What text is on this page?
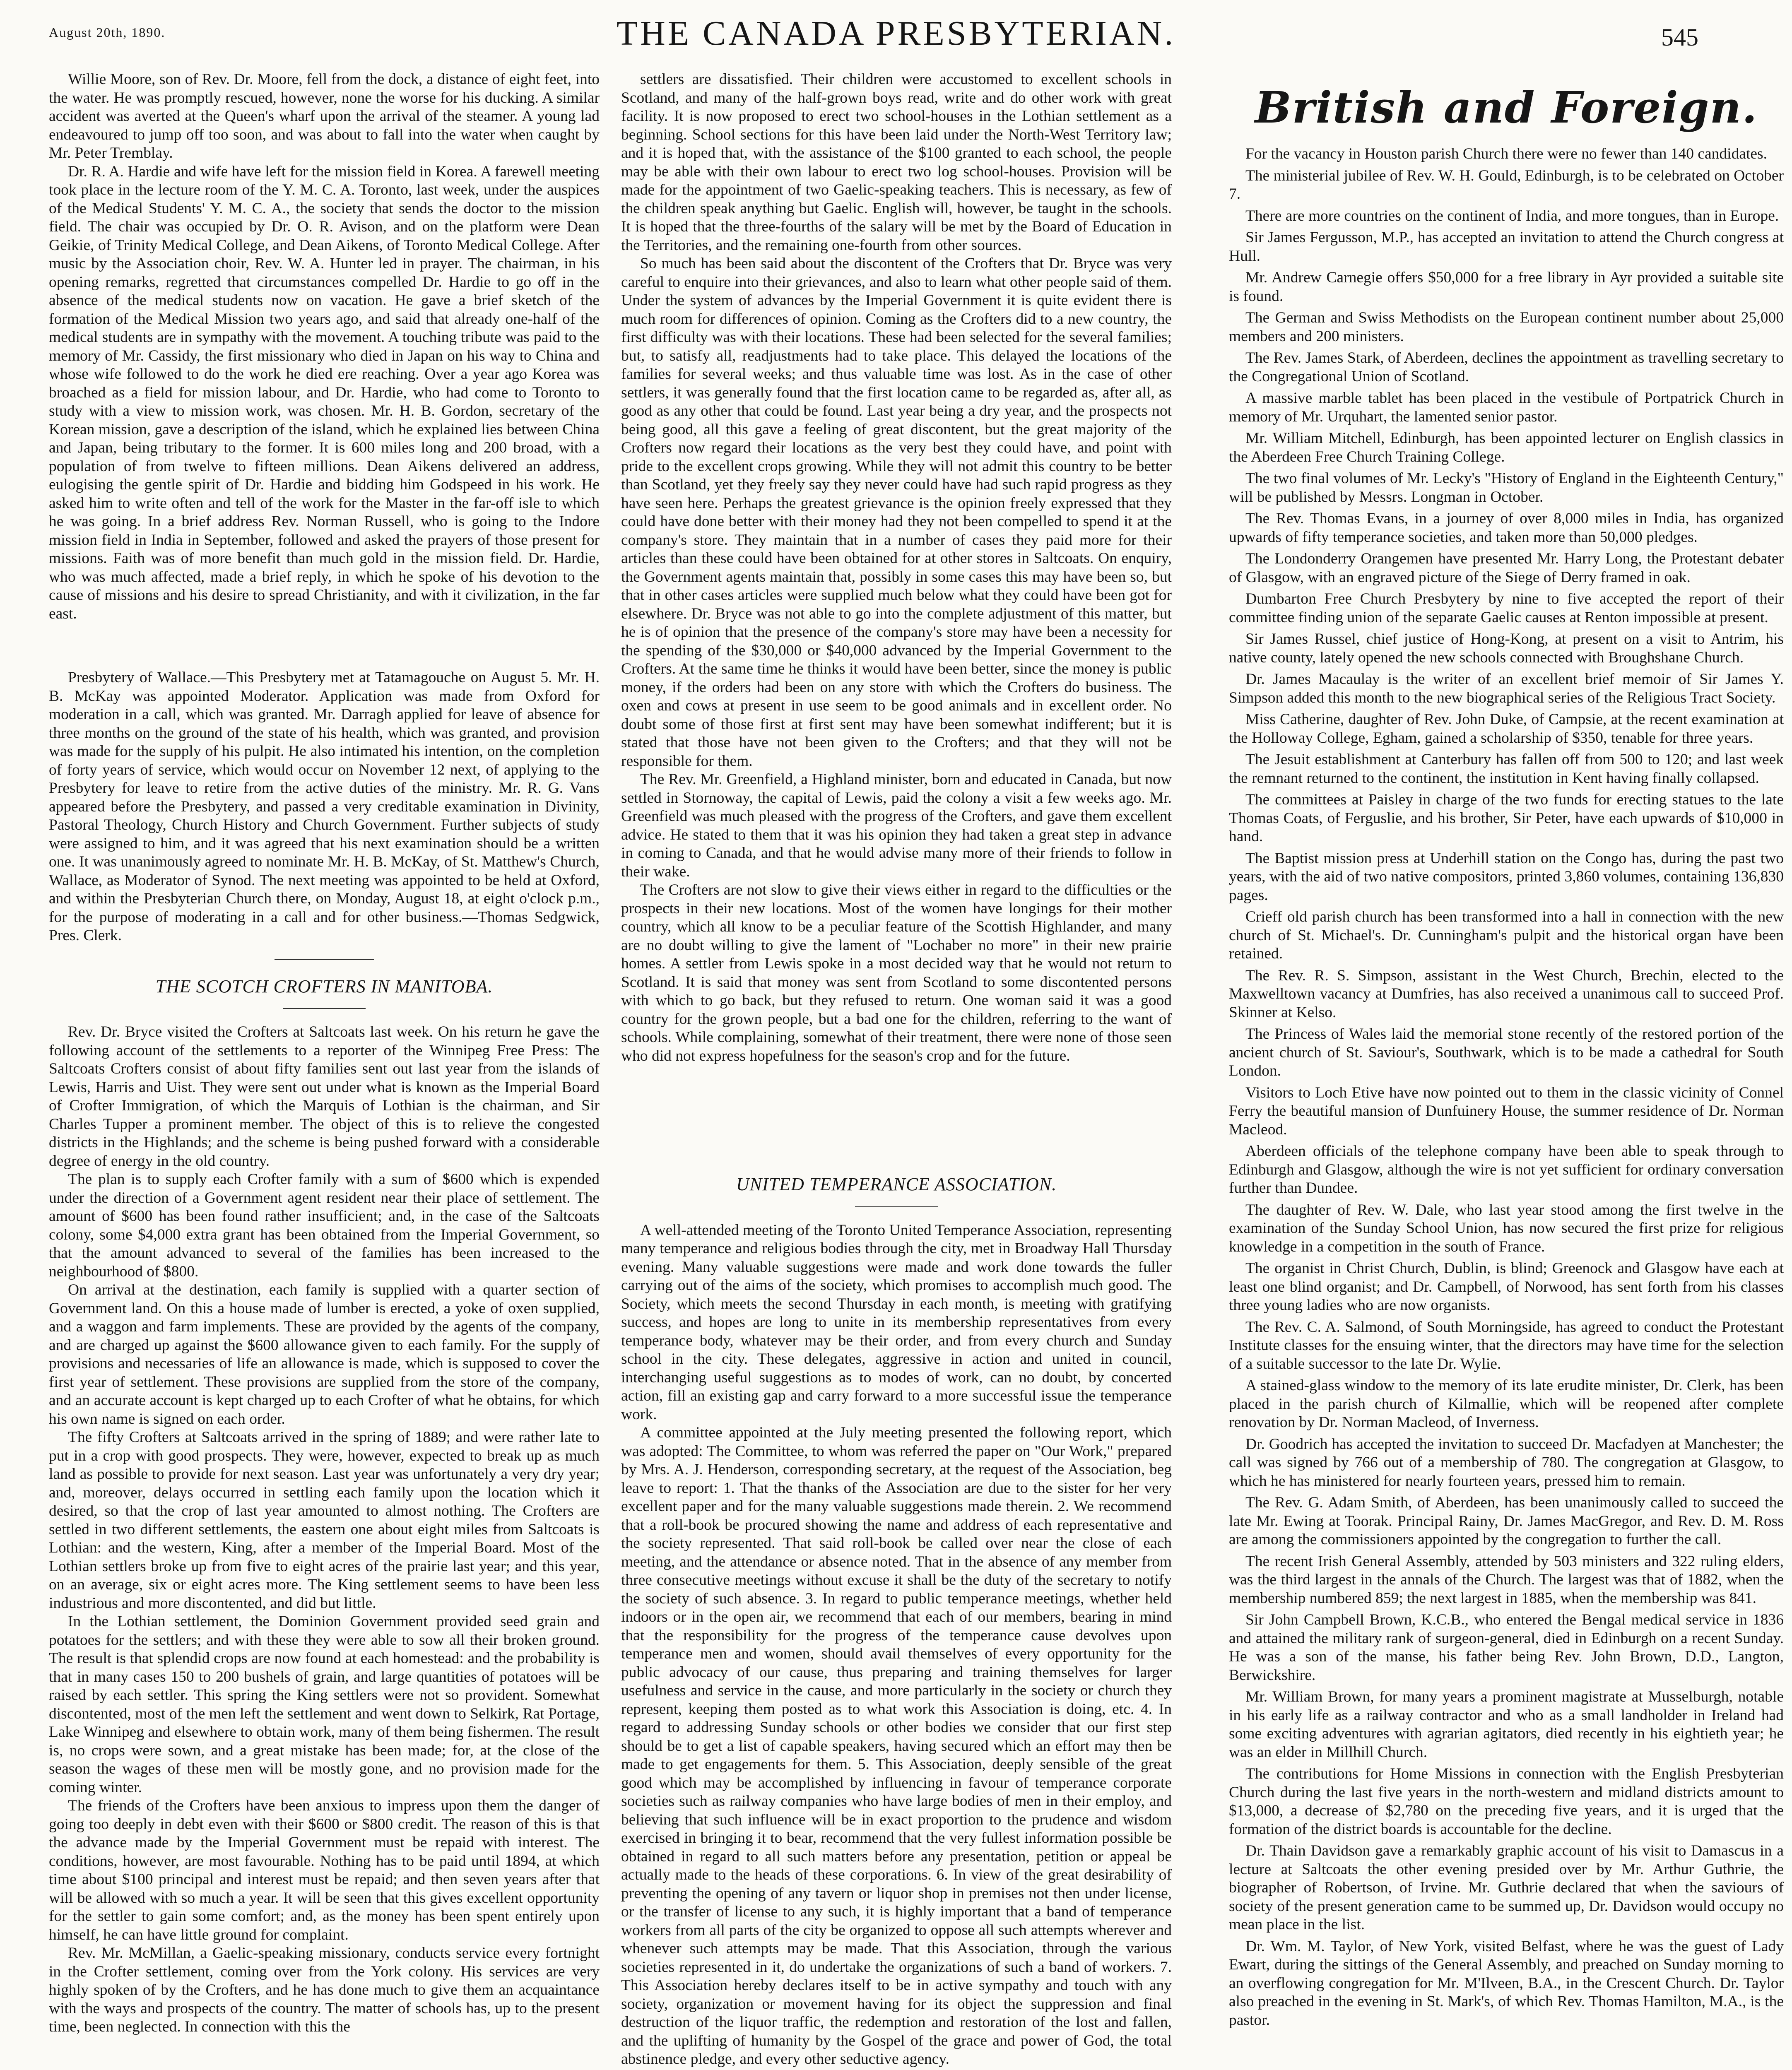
August 20th, 1890.	THE CANADA PRESBYTERIAN.	545

Willie Moore, son of Rev. Dr. Moore, fell from the dock, a distance of eight feet, into the water. He was promptly rescued, however, none the worse for his ducking. A similar accident was averted at the Queen's wharf upon the arrival of the steamer. A young lad endeavoured to jump off too soon, and was about to fall into the water when caught by Mr. Peter Tremblay.

Dr. R. A. Hardie and wife have left for the mission field in Korea. A farewell meeting took place in the lecture room of the Y. M. C. A. Toronto, last week, under the auspices of the Medical Students' Y. M. C. A., the society that sends the doctor to the mission field. The chair was occupied by Dr. O. R. Avison, and on the platform were Dean Geikie, of Trinity Medical College, and Dean Aikens, of Toronto Medical College. After music by the Association choir, Rev. W. A. Hunter led in prayer. The chairman, in his opening remarks, regretted that circumstances compelled Dr. Hardie to go off in the absence of the medical students now on vacation. He gave a brief sketch of the formation of the Medical Mission two years ago, and said that already one-half of the medical students are in sympathy with the movement. A touching tribute was paid to the memory of Mr. Cassidy, the first missionary who died in Japan on his way to China and whose wife followed to do the work he died ere reaching. Over a year ago Korea was broached as a field for mission labour, and Dr. Hardie, who had come to Toronto to study with a view to mission work, was chosen. Mr. H. B. Gordon, secretary of the Korean mission, gave a description of the island, which he explained lies between China and Japan, being tributary to the former. It is 600 miles long and 200 broad, with a population of from twelve to fifteen millions. Dean Aikens delivered an address, eulogising the gentle spirit of Dr. Hardie and bidding him Godspeed in his work. He asked him to write often and tell of the work for the Master in the far-off isle to which he was going. In a brief address Rev. Norman Russell, who is going to the Indore mission field in India in September, followed and asked the prayers of those present for missions. Faith was of more benefit than much gold in the mission field. Dr. Hardie, who was much affected, made a brief reply, in which he spoke of his devotion to the cause of missions and his desire to spread Christianity, and with it civilization, in the far east.

Presbytery of Wallace.—This Presbytery met at Tatamagouche on August 5. Mr. H. B. McKay was appointed Moderator. Application was made from Oxford for moderation in a call, which was granted. Mr. Darragh applied for leave of absence for three months on the ground of the state of his health, which was granted, and provision was made for the supply of his pulpit. He also intimated his intention, on the completion of forty years of service, which would occur on November 12 next, of applying to the Presbytery for leave to retire from the active duties of the ministry. Mr. R. G. Vans appeared before the Presbytery, and passed a very creditable examination in Divinity, Pastoral Theology, Church History and Church Government. Further subjects of study were assigned to him, and it was agreed that his next examination should be a written one. It was unanimously agreed to nominate Mr. H. B. McKay, of St. Matthew's Church, Wallace, as Moderator of Synod. The next meeting was appointed to be held at Oxford, and within the Presbyterian Church there, on Monday, August 18, at eight o'clock p.m., for the purpose of moderating in a call and for other business.—Thomas Sedgwick, Pres. Clerk.

THE SCOTCH CROFTERS IN MANITOBA.

Rev. Dr. Bryce visited the Crofters at Saltcoats last week. On his return he gave the following account of the settlements to a reporter of the Winnipeg Free Press: The Saltcoats Crofters consist of about fifty families sent out last year from the islands of Lewis, Harris and Uist. They were sent out under what is known as the Imperial Board of Crofter Immigration, of which the Marquis of Lothian is the chairman, and Sir Charles Tupper a prominent member. The object of this is to relieve the congested districts in the Highlands; and the scheme is being pushed forward with a considerable degree of energy in the old country.

The plan is to supply each Crofter family with a sum of $600 which is expended under the direction of a Government agent resident near their place of settlement. The amount of $600 has been found rather insufficient; and, in the case of the Saltcoats colony, some $4,000 extra grant has been obtained from the Imperial Government, so that the amount advanced to several of the families has been increased to the neighbourhood of $800.

On arrival at the destination, each family is supplied with a quarter section of Government land. On this a house made of lumber is erected, a yoke of oxen supplied, and a waggon and farm implements. These are provided by the agents of the company, and are charged up against the $600 allowance given to each family. For the supply of provisions and necessaries of life an allowance is made, which is supposed to cover the first year of settlement. These provisions are supplied from the store of the company, and an accurate account is kept charged up to each Crofter of what he obtains, for which his own name is signed on each order.

The fifty Crofters at Saltcoats arrived in the spring of 1889; and were rather late to put in a crop with good prospects. They were, however, expected to break up as much land as possible to provide for next season. Last year was unfortunately a very dry year; and, moreover, delays occurred in settling each family upon the location which it desired, so that the crop of last year amounted to almost nothing. The Crofters are settled in two different settlements, the eastern one about eight miles from Saltcoats is Lothian: and the western, King, after a member of the Imperial Board. Most of the Lothian settlers broke up from five to eight acres of the prairie last year; and this year, on an average, six or eight acres more. The King settlement seems to have been less industrious and more discontented, and did but little.

In the Lothian settlement, the Dominion Government provided seed grain and potatoes for the settlers; and with these they were able to sow all their broken ground. The result is that splendid crops are now found at each homestead: and the probability is that in many cases 150 to 200 bushels of grain, and large quantities of potatoes will be raised by each settler. This spring the King settlers were not so provident. Somewhat discontented, most of the men left the settlement and went down to Selkirk, Rat Portage, Lake Winnipeg and elsewhere to obtain work, many of them being fishermen. The result is, no crops were sown, and a great mistake has been made; for, at the close of the season the wages of these men will be mostly gone, and no provision made for the coming winter.

The friends of the Crofters have been anxious to impress upon them the danger of going too deeply in debt even with their $600 or $800 credit. The reason of this is that the advance made by the Imperial Government must be repaid with interest. The conditions, however, are most favourable. Nothing has to be paid until 1894, at which time about $100 principal and interest must be repaid; and then seven years after that will be allowed with so much a year. It will be seen that this gives excellent opportunity for the settler to gain some comfort; and, as the money has been spent entirely upon himself, he can have little ground for complaint.

Rev. Mr. McMillan, a Gaelic-speaking missionary, conducts service every fortnight in the Crofter settlement, coming over from the York colony. His services are very highly spoken of by the Crofters, and he has done much to give them an acquaintance with the ways and prospects of the country. The matter of schools has, up to the present time, been neglected. In connection with this the

settlers are dissatisfied. Their children were accustomed to excellent schools in Scotland, and many of the half-grown boys read, write and do other work with great facility. It is now proposed to erect two school-houses in the Lothian settlement as a beginning. School sections for this have been laid under the North-West Territory law; and it is hoped that, with the assistance of the $100 granted to each school, the people may be able with their own labour to erect two log school-houses. Provision will be made for the appointment of two Gaelic-speaking teachers. This is necessary, as few of the children speak anything but Gaelic. English will, however, be taught in the schools. It is hoped that the three-fourths of the salary will be met by the Board of Education in the Territories, and the remaining one-fourth from other sources.

So much has been said about the discontent of the Crofters that Dr. Bryce was very careful to enquire into their grievances, and also to learn what other people said of them. Under the system of advances by the Imperial Government it is quite evident there is much room for differences of opinion. Coming as the Crofters did to a new country, the first difficulty was with their locations. These had been selected for the several families; but, to satisfy all, readjustments had to take place. This delayed the locations of the families for several weeks; and thus valuable time was lost. As in the case of other settlers, it was generally found that the first location came to be regarded as, after all, as good as any other that could be found. Last year being a dry year, and the prospects not being good, all this gave a feeling of great discontent, but the great majority of the Crofters now regard their locations as the very best they could have, and point with pride to the excellent crops growing. While they will not admit this country to be better than Scotland, yet they freely say they never could have had such rapid progress as they have seen here. Perhaps the greatest grievance is the opinion freely expressed that they could have done better with their money had they not been compelled to spend it at the company's store. They maintain that in a number of cases they paid more for their articles than these could have been obtained for at other stores in Saltcoats. On enquiry, the Government agents maintain that, possibly in some cases this may have been so, but that in other cases articles were supplied much below what they could have been got for elsewhere. Dr. Bryce was not able to go into the complete adjustment of this matter, but he is of opinion that the presence of the company's store may have been a necessity for the spending of the $30,000 or $40,000 advanced by the Imperial Government to the Crofters. At the same time he thinks it would have been better, since the money is public money, if the orders had been on any store with which the Crofters do business. The oxen and cows at present in use seem to be good animals and in excellent order. No doubt some of those first at first sent may have been somewhat indifferent; but it is stated that those have not been given to the Crofters; and that they will not be responsible for them.

The Rev. Mr. Greenfield, a Highland minister, born and educated in Canada, but now settled in Stornoway, the capital of Lewis, paid the colony a visit a few weeks ago. Mr. Greenfield was much pleased with the progress of the Crofters, and gave them excellent advice. He stated to them that it was his opinion they had taken a great step in advance in coming to Canada, and that he would advise many more of their friends to follow in their wake.

The Crofters are not slow to give their views either in regard to the difficulties or the prospects in their new locations. Most of the women have longings for their mother country, which all know to be a peculiar feature of the Scottish Highlander, and many are no doubt willing to give the lament of "Lochaber no more" in their new prairie homes. A settler from Lewis spoke in a most decided way that he would not return to Scotland. It is said that money was sent from Scotland to some discontented persons with which to go back, but they refused to return. One woman said it was a good country for the grown people, but a bad one for the children, referring to the want of schools. While complaining, somewhat of their treatment, there were none of those seen who did not express hopefulness for the season's crop and for the future.

UNITED TEMPERANCE ASSOCIATION.

A well-attended meeting of the Toronto United Temperance Association, representing many temperance and religious bodies through the city, met in Broadway Hall Thursday evening. Many valuable suggestions were made and work done towards the fuller carrying out of the aims of the society, which promises to accomplish much good. The Society, which meets the second Thursday in each month, is meeting with gratifying success, and hopes are long to unite in its membership representatives from every temperance body, whatever may be their order, and from every church and Sunday school in the city. These delegates, aggressive in action and united in council, interchanging useful suggestions as to modes of work, can no doubt, by concerted action, fill an existing gap and carry forward to a more successful issue the temperance work.

A committee appointed at the July meeting presented the following report, which was adopted: The Committee, to whom was referred the paper on "Our Work," prepared by Mrs. A. J. Henderson, corresponding secretary, at the request of the Association, beg leave to report: 1. That the thanks of the Association are due to the sister for her very excellent paper and for the many valuable suggestions made therein. 2. We recommend that a roll-book be procured showing the name and address of each representative and the society represented. That said roll-book be called over near the close of each meeting, and the attendance or absence noted. That in the absence of any member from three consecutive meetings without excuse it shall be the duty of the secretary to notify the society of such absence. 3. In regard to public temperance meetings, whether held indoors or in the open air, we recommend that each of our members, bearing in mind that the responsibility for the progress of the temperance cause devolves upon temperance men and women, should avail themselves of every opportunity for the public advocacy of our cause, thus preparing and training themselves for larger usefulness and service in the cause, and more particularly in the society or church they represent, keeping them posted as to what work this Association is doing, etc. 4. In regard to addressing Sunday schools or other bodies we consider that our first step should be to get a list of capable speakers, having secured which an effort may then be made to get engagements for them. 5. This Association, deeply sensible of the great good which may be accomplished by influencing in favour of temperance corporate societies such as railway companies who have large bodies of men in their employ, and believing that such influence will be in exact proportion to the prudence and wisdom exercised in bringing it to bear, recommend that the very fullest information possible be obtained in regard to all such matters before any presentation, petition or appeal be actually made to the heads of these corporations. 6. In view of the great desirability of preventing the opening of any tavern or liquor shop in premises not then under license, or the transfer of license to any such, it is highly important that a band of temperance workers from all parts of the city be organized to oppose all such attempts wherever and whenever such attempts may be made. That this Association, through the various societies represented in it, do undertake the organizations of such a band of workers. 7. This Association hereby declares itself to be in active sympathy and touch with any society, organization or movement having for its object the suppression and final destruction of the liquor traffic, the redemption and restoration of the lost and fallen, and the uplifting of humanity by the Gospel of the grace and power of God, the total abstinence pledge, and every other seductive agency.

British and Foreign.

For the vacancy in Houston parish Church there were no fewer than 140 candidates.

The ministerial jubilee of Rev. W. H. Gould, Edinburgh, is to be celebrated on October 7.

There are more countries on the continent of India, and more tongues, than in Europe.

Sir James Fergusson, M.P., has accepted an invitation to attend the Church congress at Hull.

Mr. Andrew Carnegie offers $50,000 for a free library in Ayr provided a suitable site is found.

The German and Swiss Methodists on the European continent number about 25,000 members and 200 ministers.

The Rev. James Stark, of Aberdeen, declines the appointment as travelling secretary to the Congregational Union of Scotland.

A massive marble tablet has been placed in the vestibule of Portpatrick Church in memory of Mr. Urquhart, the lamented senior pastor.

Mr. William Mitchell, Edinburgh, has been appointed lecturer on English classics in the Aberdeen Free Church Training College.

The two final volumes of Mr. Lecky's "History of England in the Eighteenth Century," will be published by Messrs. Longman in October.

The Rev. Thomas Evans, in a journey of over 8,000 miles in India, has organized upwards of fifty temperance societies, and taken more than 50,000 pledges.

The Londonderry Orangemen have presented Mr. Harry Long, the Protestant debater of Glasgow, with an engraved picture of the Siege of Derry framed in oak.

Dumbarton Free Church Presbytery by nine to five accepted the report of their committee finding union of the separate Gaelic causes at Renton impossible at present.

Sir James Russel, chief justice of Hong-Kong, at present on a visit to Antrim, his native county, lately opened the new schools connected with Broughshane Church.

Dr. James Macaulay is the writer of an excellent brief memoir of Sir James Y. Simpson added this month to the new biographical series of the Religious Tract Society.

Miss Catherine, daughter of Rev. John Duke, of Campsie, at the recent examination at the Holloway College, Egham, gained a scholarship of $350, tenable for three years.

The Jesuit establishment at Canterbury has fallen off from 500 to 120; and last week the remnant returned to the continent, the institution in Kent having finally collapsed.

The committees at Paisley in charge of the two funds for erecting statues to the late Thomas Coats, of Ferguslie, and his brother, Sir Peter, have each upwards of $10,000 in hand.

The Baptist mission press at Underhill station on the Congo has, during the past two years, with the aid of two native compositors, printed 3,860 volumes, containing 136,830 pages.

Crieff old parish church has been transformed into a hall in connection with the new church of St. Michael's. Dr. Cunningham's pulpit and the historical organ have been retained.

The Rev. R. S. Simpson, assistant in the West Church, Brechin, elected to the Maxwelltown vacancy at Dumfries, has also received a unanimous call to succeed Prof. Skinner at Kelso.

The Princess of Wales laid the memorial stone recently of the restored portion of the ancient church of St. Saviour's, Southwark, which is to be made a cathedral for South London.

Visitors to Loch Etive have now pointed out to them in the classic vicinity of Connel Ferry the beautiful mansion of Dunfuinery House, the summer residence of Dr. Norman Macleod.

Aberdeen officials of the telephone company have been able to speak through to Edinburgh and Glasgow, although the wire is not yet sufficient for ordinary conversation further than Dundee.

The daughter of Rev. W. Dale, who last year stood among the first twelve in the examination of the Sunday School Union, has now secured the first prize for religious knowledge in a competition in the south of France.

The organist in Christ Church, Dublin, is blind; Greenock and Glasgow have each at least one blind organist; and Dr. Campbell, of Norwood, has sent forth from his classes three young ladies who are now organists.

The Rev. C. A. Salmond, of South Morningside, has agreed to conduct the Protestant Institute classes for the ensuing winter, that the directors may have time for the selection of a suitable successor to the late Dr. Wylie.

A stained-glass window to the memory of its late erudite minister, Dr. Clerk, has been placed in the parish church of Kilmallie, which will be reopened after complete renovation by Dr. Norman Macleod, of Inverness.

Dr. Goodrich has accepted the invitation to succeed Dr. Macfadyen at Manchester; the call was signed by 766 out of a membership of 780. The congregation at Glasgow, to which he has ministered for nearly fourteen years, pressed him to remain.

The Rev. G. Adam Smith, of Aberdeen, has been unanimously called to succeed the late Mr. Ewing at Toorak. Principal Rainy, Dr. James MacGregor, and Rev. D. M. Ross are among the commissioners appointed by the congregation to further the call.

The recent Irish General Assembly, attended by 503 ministers and 322 ruling elders, was the third largest in the annals of the Church. The largest was that of 1882, when the membership numbered 859; the next largest in 1885, when the membership was 841.

Sir John Campbell Brown, K.C.B., who entered the Bengal medical service in 1836 and attained the military rank of surgeon-general, died in Edinburgh on a recent Sunday. He was a son of the manse, his father being Rev. John Brown, D.D., Langton, Berwickshire.

Mr. William Brown, for many years a prominent magistrate at Musselburgh, notable in his early life as a railway contractor and who as a small landholder in Ireland had some exciting adventures with agrarian agitators, died recently in his eightieth year; he was an elder in Millhill Church.

The contributions for Home Missions in connection with the English Presbyterian Church during the last five years in the north-western and midland districts amount to $13,000, a decrease of $2,780 on the preceding five years, and it is urged that the formation of the district boards is accountable for the decline.

Dr. Thain Davidson gave a remarkably graphic account of his visit to Damascus in a lecture at Saltcoats the other evening presided over by Mr. Arthur Guthrie, the biographer of Robertson, of Irvine. Mr. Guthrie declared that when the saviours of society of the present generation came to be summed up, Dr. Davidson would occupy no mean place in the list.

Dr. Wm. M. Taylor, of New York, visited Belfast, where he was the guest of Lady Ewart, during the sittings of the General Assembly, and preached on Sunday morning to an overflowing congregation for Mr. M'Ilveen, B.A., in the Crescent Church. Dr. Taylor also preached in the evening in St. Mark's, of which Rev. Thomas Hamilton, M.A., is the pastor.
